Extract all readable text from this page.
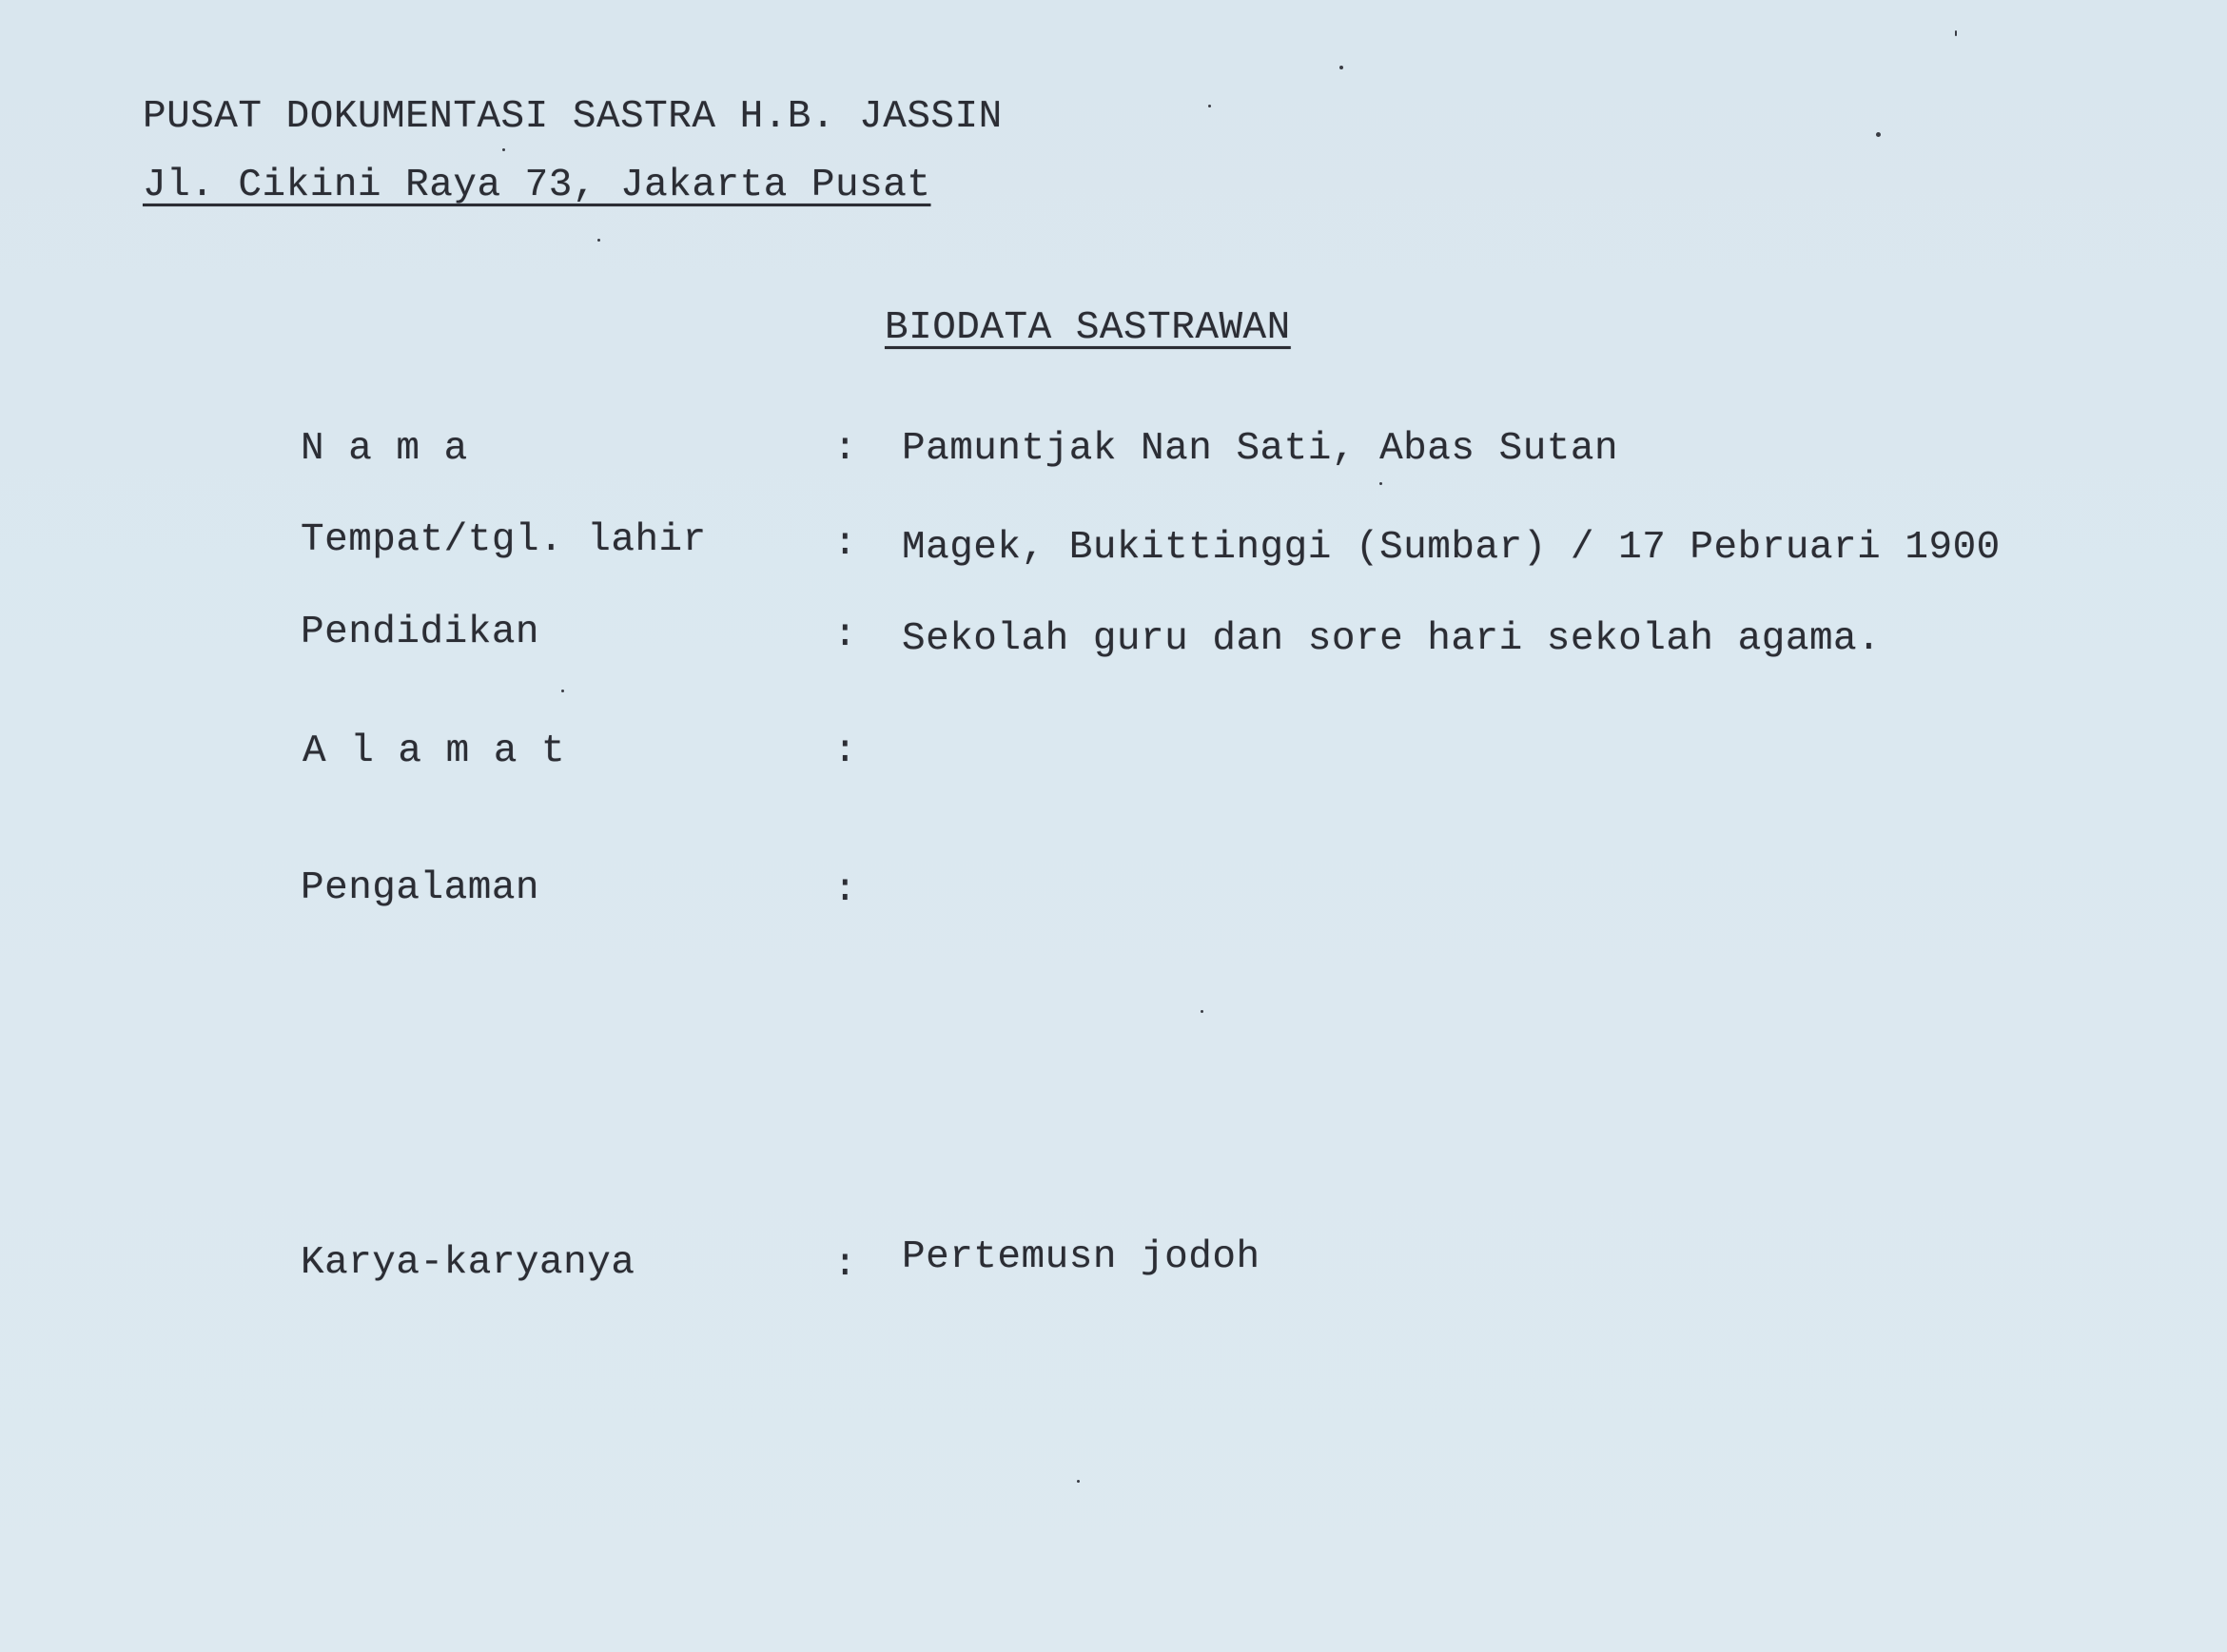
PUSAT DOKUMENTASI SASTRA H.B. JASSIN
Jl. Cikini Raya 73, Jakarta Pusat
BIODATA SASTRAWAN
N a m a	: Pamuntjak Nan Sati, Abas Sutan
Tempat/tgl. lahir	: Magek, Bukittinggi (Sumbar) / 17 Pebruari 1900
Pendidikan	: Sekolah guru dan sore hari sekolah agama.
A l a m a t	:
Pengalaman	:
Karya-karyanya	: Pertemusn jodoh
